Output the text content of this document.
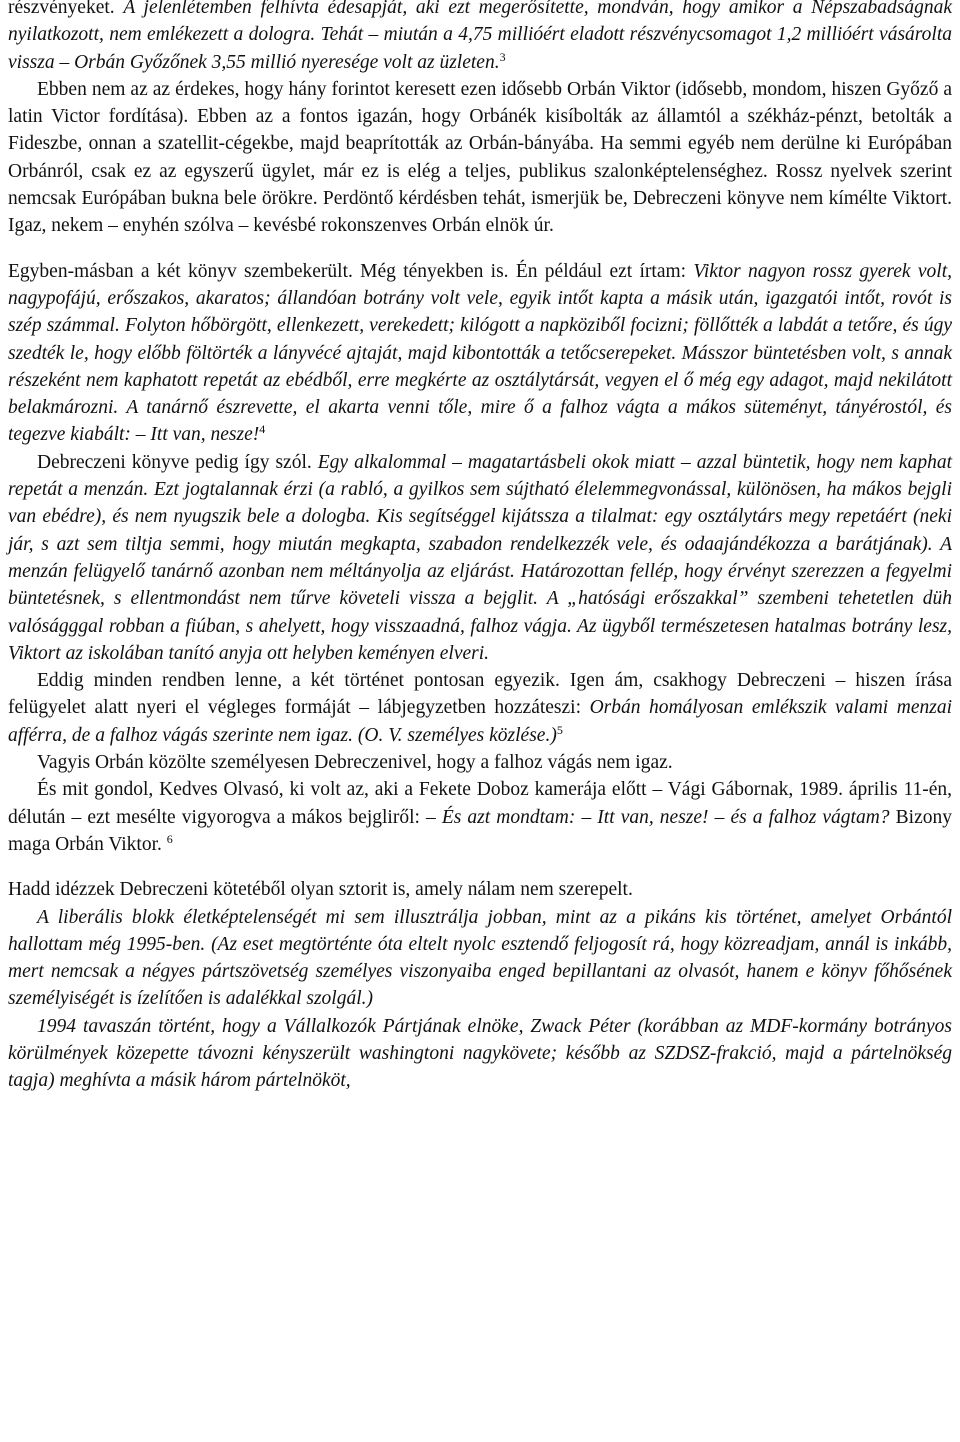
részvényeket. A jelenlétemben felhívta édesapját, aki ezt megerősítette, mondván, hogy amikor a Népszabadságnak nyilatkozott, nem emlékezett a dologra. Tehát – miután a 4,75 millióért eladott részvénycsomagot 1,2 millióért vásárolta vissza – Orbán Győzőnek 3,55 millió nyeresége volt az üzleten.$^3$

Ebben nem az az érdekes, hogy hány forintot keresett ezen idősebb Orbán Viktor (idősebb, mondom, hiszen Győző a latin Victor fordítása). Ebben az a fontos igazán, hogy Orbánék kisíbolták az államtól a székház-pénzt, betolták a Fideszbe, onnan a szatellit-cégekbe, majd beaprították az Orbán-bányába. Ha semmi egyéb nem derülne ki Európában Orbánról, csak ez az egyszerű ügylet, már ez is elég a teljes, publikus szalonképtelenséghez. Rossz nyelvek szerint nemcsak Európában bukna bele örökre. Perdöntő kérdésben tehát, ismerjük be, Debreczeni könyve nem kímélte Viktort. Igaz, nekem – enyhén szólva – kevésbé rokonszenves Orbán elnök úr.

Egyben-másban a két könyv szembekerült. Még tényekben is. Én például ezt írtam: Viktor nagyon rossz gyerek volt, nagypofájú, erőszakos, akaratos; állandóan botrány volt vele, egyik intőt kapta a másik után, igazgatói intőt, rovót is szép számmal. Folyton hőbörgött, ellenkezett, verekedett; kilógott a napköziből focizni; föllőtték a labdát a tetőre, és úgy szedték le, hogy előbb föltörték a lányvécé ajtaját, majd kibontották a tetőcserepeket. Másszor büntetésben volt, s annak részeként nem kaphatott repetát az ebédből, erre megkérte az osztálytársát, vegyen el ő még egy adagot, majd nekilátott belakmározni. A tanárnő észrevette, el akarta venni tőle, mire ő a falhoz vágta a mákos süteményt, tányérostól, és tegezve kiabált: – Itt van, nesze!$^4$

Debreczeni könyve pedig így szól. Egy alkalommal – magatartásbeli okok miatt – azzal büntetik, hogy nem kaphat repetát a menzán. Ezt jogtalannak érzi (a rabló, a gyilkos sem sújtható élelemmegvonással, különösen, ha mákos bejgli van ebédre), és nem nyugszik bele a dologba. Kis segítséggel kijátssza a tilalmat: egy osztálytárs megy repetáért (neki jár, s azt sem tiltja semmi, hogy miután megkapta, szabadon rendelkezzék vele, és odaajándékozza a barátjának). A menzán felügyelő tanárnő azonban nem méltányolja az eljárást. Határozottan fellép, hogy érvényt szerezzen a fegyelmi büntetésnek, s ellentmondást nem tűrve követeli vissza a bejglit. A „hatósági erőszakkal” szembeni tehetetlen düh valóságggal robban a fiúban, s ahelyett, hogy visszaadná, falhoz vágja. Az ügyből természetesen hatalmas botrány lesz, Viktort az iskolában tanító anyja ott helyben keményen elveri.

Eddig minden rendben lenne, a két történet pontosan egyezik. Igen ám, csakhogy Debreczeni – hiszen írása felügyelet alatt nyeri el végleges formáját – lábjegyzetben hozzáteszi: Orbán homályosan emlékszik valami menzai afférra, de a falhoz vágás szerinte nem igaz. (O. V. személyes közlése.)$^5$

Vagyis Orbán közölte személyesen Debreczenivel, hogy a falhoz vágás nem igaz.

És mit gondol, Kedves Olvasó, ki volt az, aki a Fekete Doboz kamerája előtt – Vági Gábornak, 1989. április 11-én, délután – ezt mesélte vigyorogva a mákos bejgliről: – És azt mondtam: – Itt van, nesze! – és a falhoz vágtam? Bizony maga Orbán Viktor. $^6$

Hadd idézzek Debreczeni kötetéből olyan sztorit is, amely nálam nem szerepelt.

A liberális blokk életképtelenségét mi sem illusztrálja jobban, mint az a pikáns kis történet, amelyet Orbántól hallottam még 1995-ben. (Az eset megtörténte óta eltelt nyolc esztendő feljogosít rá, hogy közreadjam, annál is inkább, mert nemcsak a négyes pártszövetség személyes viszonyaiba enged bepillantani az olvasót, hanem e könyv főhősének személyiségét is ízelítően is adalékkal szolgál.)

1994 tavaszán történt, hogy a Vállalkozók Pártjának elnöke, Zwack Péter (korábban az MDF-kormány botrányos körülmények közepette távozni kényszerült washingtoni nagykövete; később az SZDSZ-frakció, majd a pártelnökség tagja) meghívta a másik három pártelnököt,
